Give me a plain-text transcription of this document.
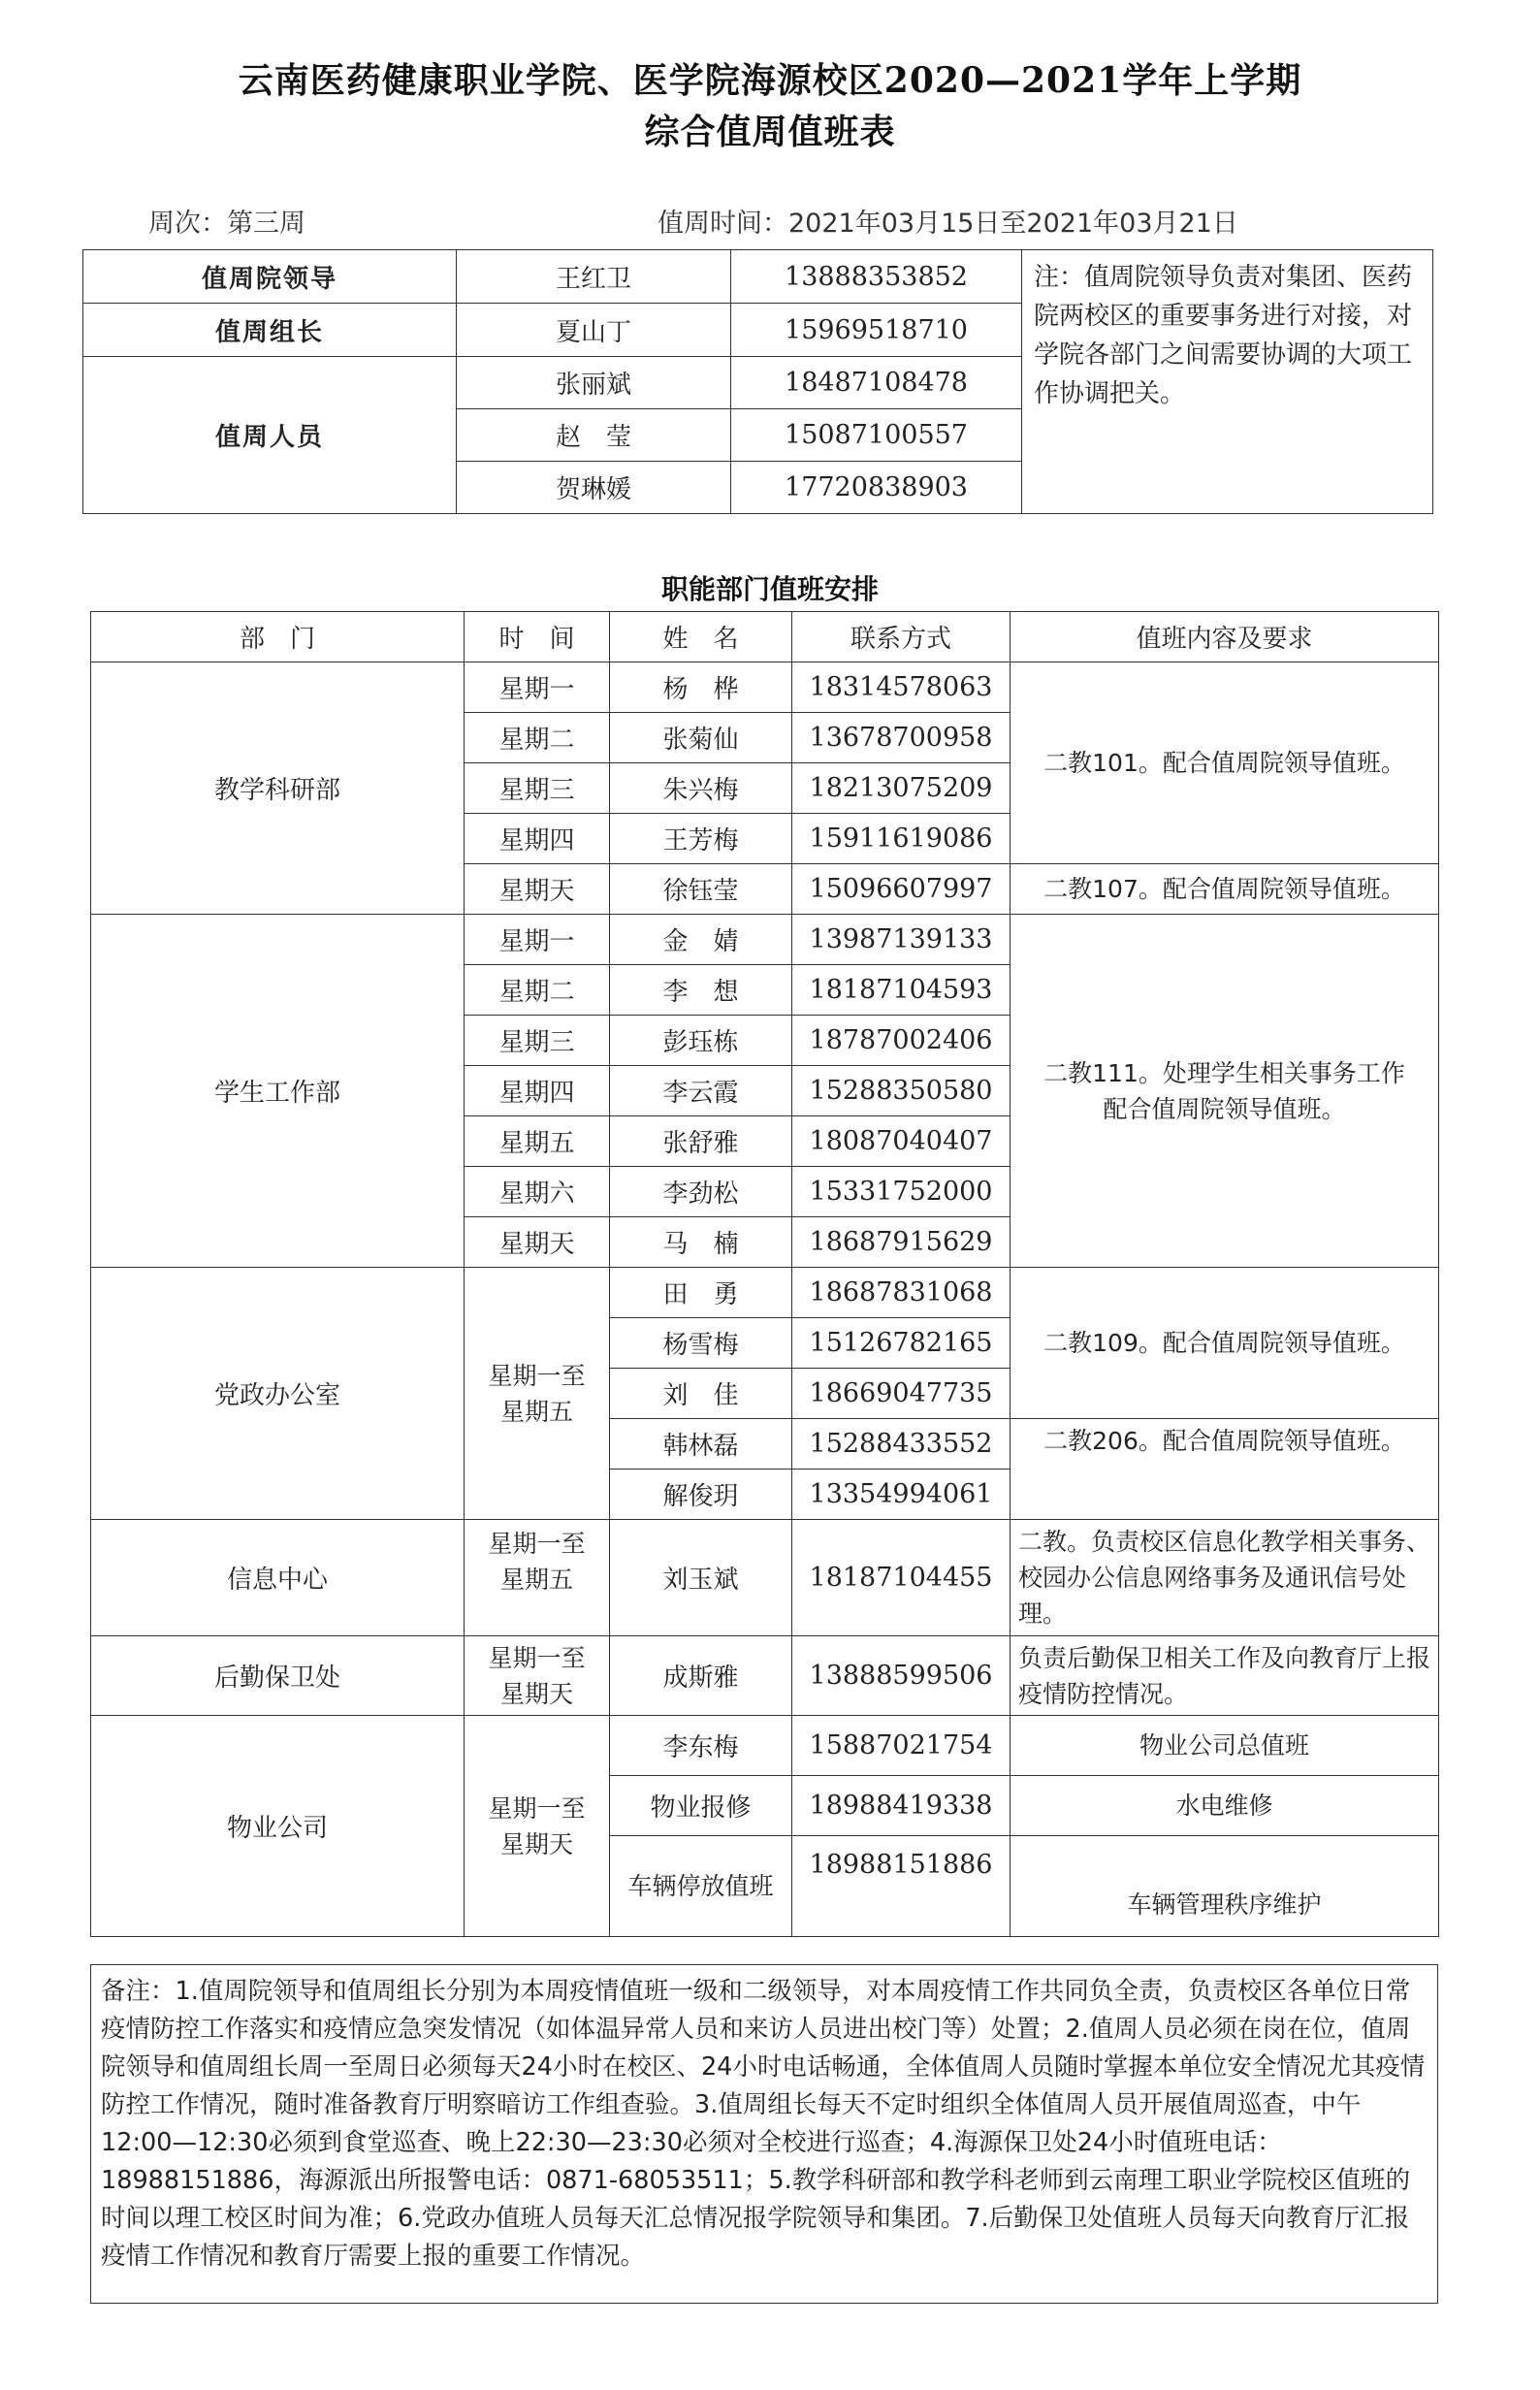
云南医药健康职业学院、医学院海源校区2020—2021学年上学期
综合值周值班表
周次：第三周	值周时间：2021年03月15日至2021年03月21日
值周院领导	王红卫	13888353852	注：值周院领导负责对集团、医药院两校区的重要事务进行对接，对学院各部门之间需要协调的大项工作协调把关。
值周组长	夏山丁	15969518710	
值周人员	张丽斌	18487108478	
	赵　莹	15087100557	
	贺琳媛	17720838903	
职能部门值班安排
部　门	时　间	姓　名	联系方式	值班内容及要求
教学科研部	星期一	杨　桦	18314578063	二教101。配合值周院领导值班。
	星期二	张菊仙	13678700958	
	星期三	朱兴梅	18213075209	
	星期四	王芳梅	15911619086	
	星期天	徐钰莹	15096607997	二教107。配合值周院领导值班。
学生工作部	星期一	金　婧	13987139133	二教111。处理学生相关事务工作
配合值周院领导值班。

	星期二	李　想	18187104593	
	星期三	彭珏栋	18787002406	
	星期四	李云霞	15288350580	
	星期五	张舒雅	18087040407	
	星期六	李劲松	15331752000	
	星期天	马　楠	18687915629	
党政办公室	星期一至
星期五	田　勇	18687831068	二教109。配合值周院领导值班。
		杨雪梅	15126782165	
		刘　佳	18669047735	
		韩林磊	15288433552	二教206。配合值周院领导值班。
		解俊玥	13354994061	
信息中心	星期一至
星期五	刘玉斌	18187104455	二教。负责校区信息化教学相关事务、校园办公信息网络事务及通讯信号处理。
后勤保卫处	星期一至
星期天	成斯雅	13888599506	负责后勤保卫相关工作及向教育厅上报疫情防控情况。
物业公司	星期一至
星期天	李东梅	15887021754	物业公司总值班
		物业报修	18988419338	水电维修
		车辆停放值班	18988151886	车辆管理秩序维护
备注：1.值周院领导和值周组长分别为本周疫情值班一级和二级领导，对本周疫情工作共同负全责，负责校区各单位日常疫情防控工作落实和疫情应急突发情况（如体温异常人员和来访人员进出校门等）处置；2.值周人员必须在岗在位，值周院领导和值周组长周一至周日必须每天24小时在校区、24小时电话畅通，全体值周人员随时掌握本单位安全情况尤其疫情防控工作情况，随时准备教育厅明察暗访工作组查验。3.值周组长每天不定时组织全体值周人员开展值周巡查，中午12:00—12:30必须到食堂巡查、晚上22:30—23:30必须对全校进行巡查；4.海源保卫处24小时值班电话：18988151886，海源派出所报警电话：0871-68053511；5.教学科研部和教学科老师到云南理工职业学院校区值班的时间以理工校区时间为准；6.党政办值班人员每天汇总情况报学院领导和集团。7.后勤保卫处值班人员每天向教育厅汇报疫情工作情况和教育厅需要上报的重要工作情况。
